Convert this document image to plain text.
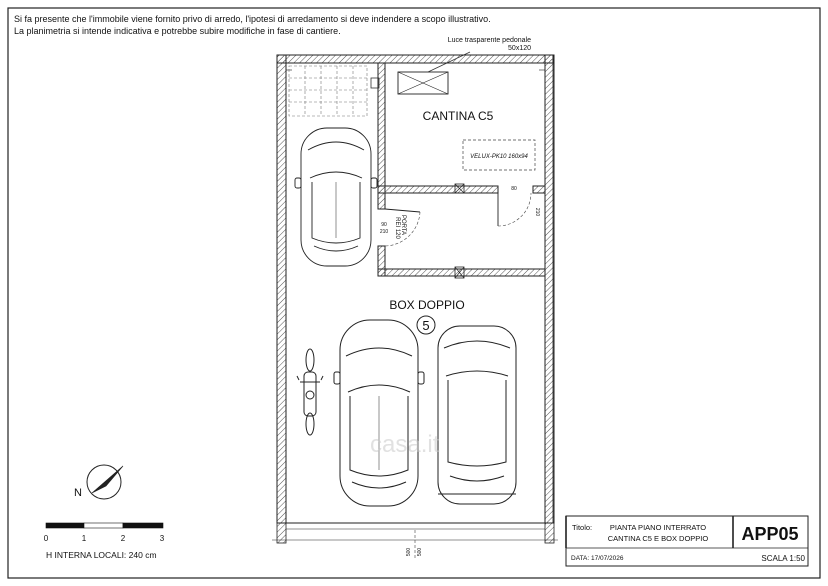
Si fa presente che l'immobile viene fornito privo di arredo, l'ipotesi di arredamento si deve indendere a scopo illustrativo.
La planimetria si intende indicativa e potrebbe subire modifiche in fase di cantiere.
Luce trasparente pedonale
50x120
CANTINA C5
VELUX-PK10 160x94
80
210
90
210 PORTA
REI 120
BOX DOPPIO
5
500 500
N
0	1	2	3
H INTERNA LOCALI: 240 cm
Titolo: PIANTA PIANO INTERRATO
CANTINA C5 E BOX DOPPIO APP05
DATA: 17/07/2026	SCALA 1:50
casa.it
